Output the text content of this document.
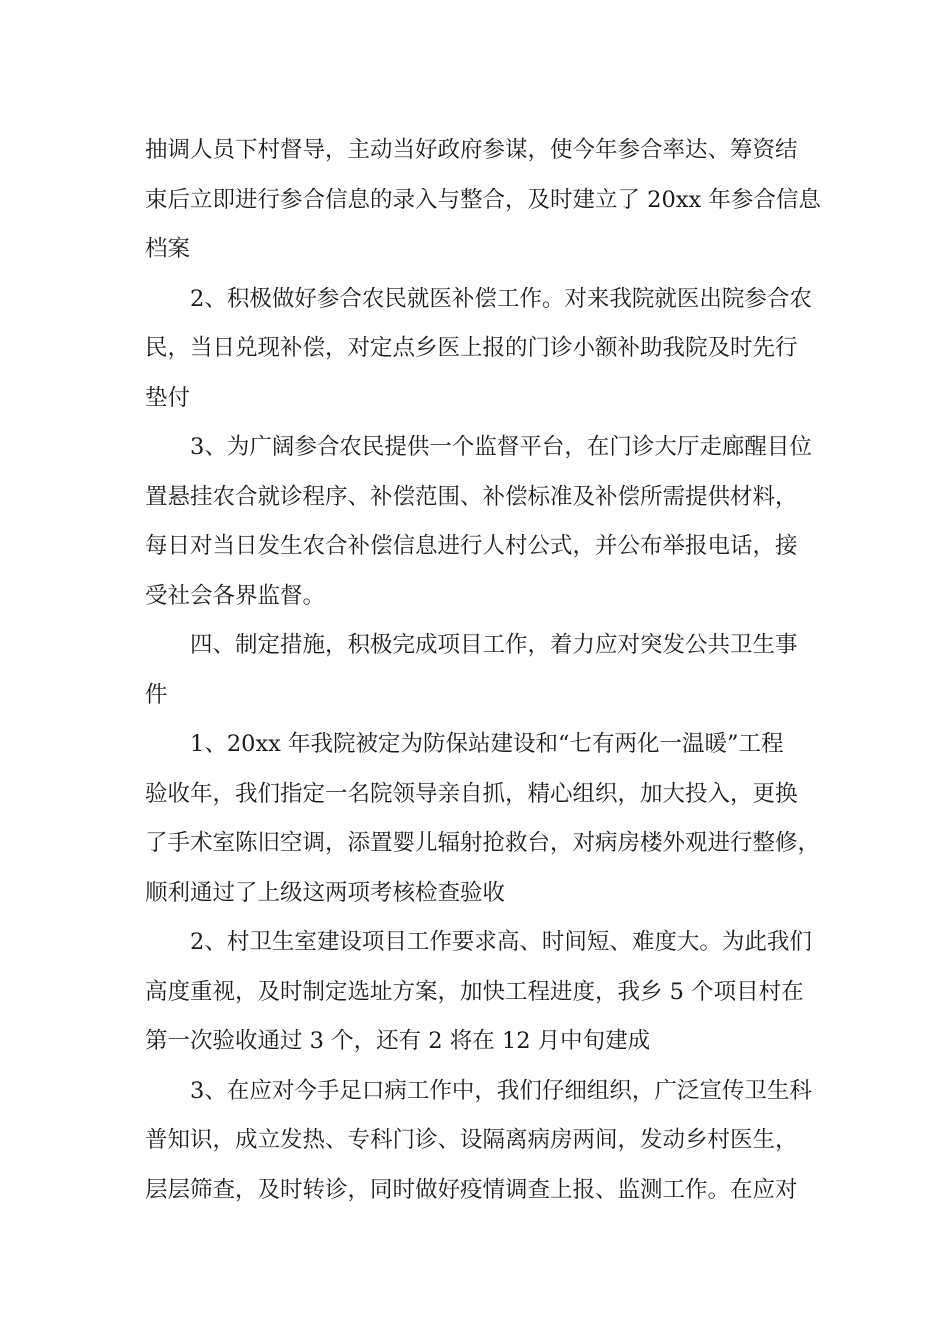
抽调人员下村督导，主动当好政府参谋，使今年参合率达、筹资结
束后立即进行参合信息的录入与整合，及时建立了 20xx 年参合信息
档案
2、积极做好参合农民就医补偿工作。对来我院就医出院参合农
民，当日兑现补偿，对定点乡医上报的门诊小额补助我院及时先行
垫付
3、为广阔参合农民提供一个监督平台，在门诊大厅走廊醒目位
置悬挂农合就诊程序、补偿范围、补偿标准及补偿所需提供材料，
每日对当日发生农合补偿信息进行人村公式，并公布举报电话，接
受社会各界监督。
四、制定措施，积极完成项目工作，着力应对突发公共卫生事
件
1、20xx 年我院被定为防保站建设和“七有两化一温暖”工程
验收年，我们指定一名院领导亲自抓，精心组织，加大投入，更换
了手术室陈旧空调，添置婴儿辐射抢救台，对病房楼外观进行整修，
顺利通过了上级这两项考核检查验收
2、村卫生室建设项目工作要求高、时间短、难度大。为此我们
高度重视，及时制定选址方案，加快工程进度，我乡 5 个项目村在
第一次验收通过 3 个，还有 2 将在 12 月中旬建成
3、在应对今手足口病工作中，我们仔细组织，广泛宣传卫生科
普知识，成立发热、专科门诊、设隔离病房两间，发动乡村医生，
层层筛查，及时转诊，同时做好疫情调查上报、监测工作。在应对
